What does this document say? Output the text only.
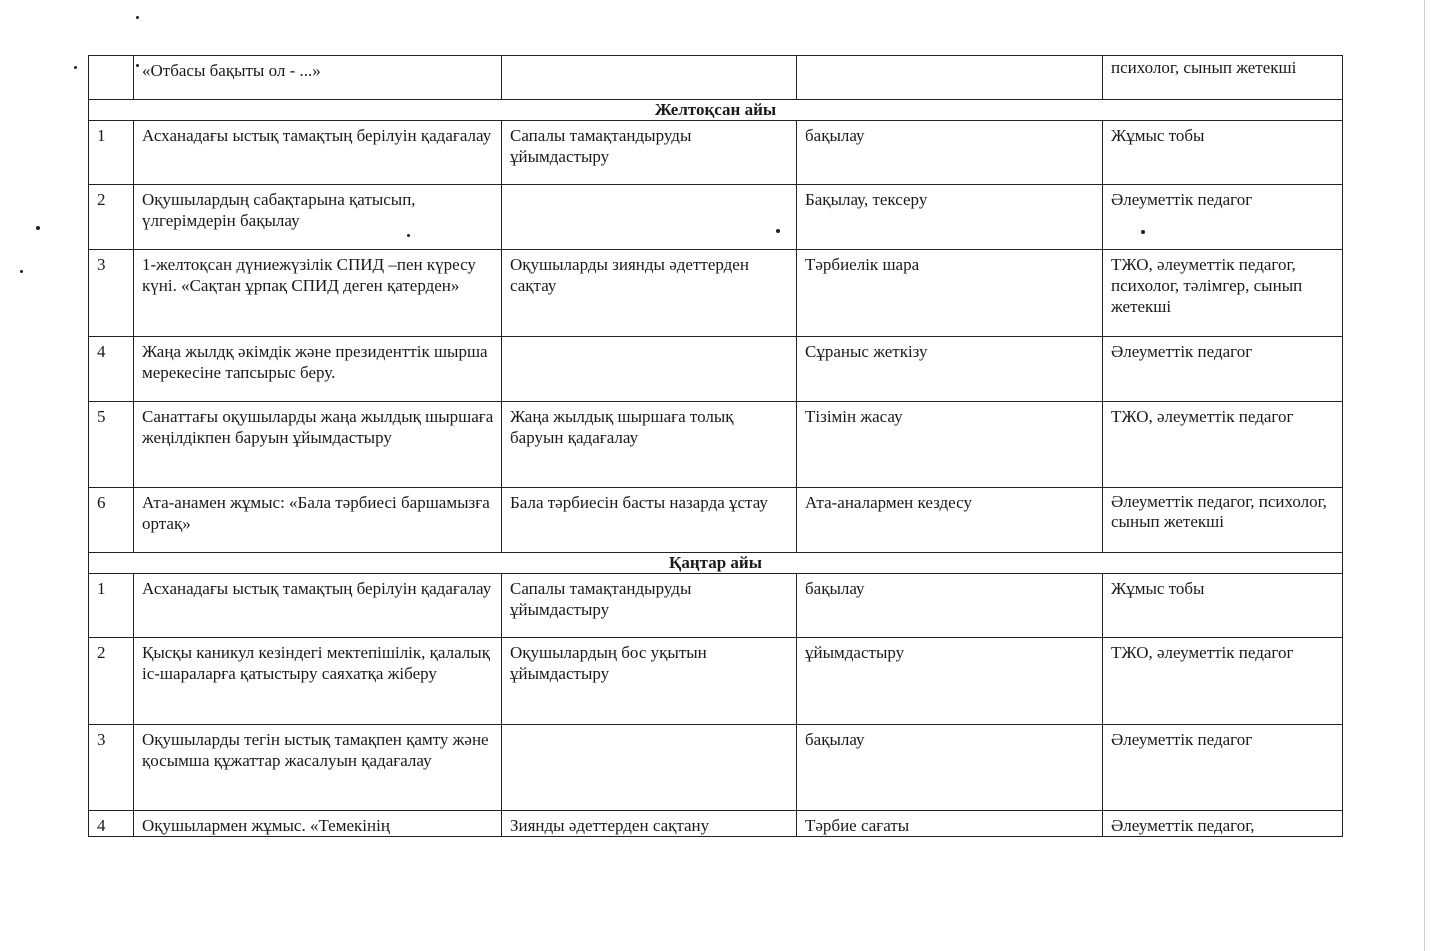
	«Отбасы бақыты ол - ...»			психолог, сынып жетекші
Желтоқсан айы				
1	Асханадағы ыстық тамақтың берілуін қадағалау	Сапалы тамақтандыруды ұйымдастыру	бақылау	Жұмыс тобы
2	Оқушылардың сабақтарына қатысып, үлгерімдерін бақылау		Бақылау, тексеру	Әлеуметтік педагог
3	1-желтоқсан дүниежүзілік СПИД –пен күресу күні. «Сақтан ұрпақ СПИД деген қатерден»	Оқушыларды зиянды әдеттерден сақтау	Тәрбиелік шара	ТЖО, әлеуметтік педагог, психолог, тәлімгер, сынып жетекші
4	Жаңа жылдқ әкімдік және президенттік шырша мерекесіне тапсырыс беру.		Сұраныс жеткізу	Әлеуметтік педагог
5	Санаттағы оқушыларды жаңа жылдық шыршаға жеңілдікпен баруын ұйымдастыру	Жаңа жылдық шыршаға толық баруын қадағалау	Тізімін жасау	ТЖО, әлеуметтік педагог
6	Ата-анамен жұмыс: «Бала тәрбиесі баршамызға ортақ»	Бала тәрбиесін басты назарда ұстау	Ата-аналармен кездесу	Әлеуметтік педагог, психолог, сынып жетекші
Қаңтар айы				
1	Асханадағы ыстық тамақтың берілуін қадағалау	Сапалы тамақтандыруды ұйымдастыру	бақылау	Жұмыс тобы
2	Қысқы каникул кезіндегі мектепішілік, қалалық іс-шараларға қатыстыру саяхатқа жіберу	Оқушылардың бос уқытын ұйымдастыру	ұйымдастыру	ТЖО, әлеуметтік педагог
3	Оқушыларды тегін ыстық тамақпен қамту және қосымша құжаттар жасалуын қадағалау		бақылау	Әлеуметтік педагог
4	Оқушылармен жұмыс. «Темекінің	Зиянды әдеттерден сақтану	Тәрбие сағаты	Әлеуметтік педагог,
